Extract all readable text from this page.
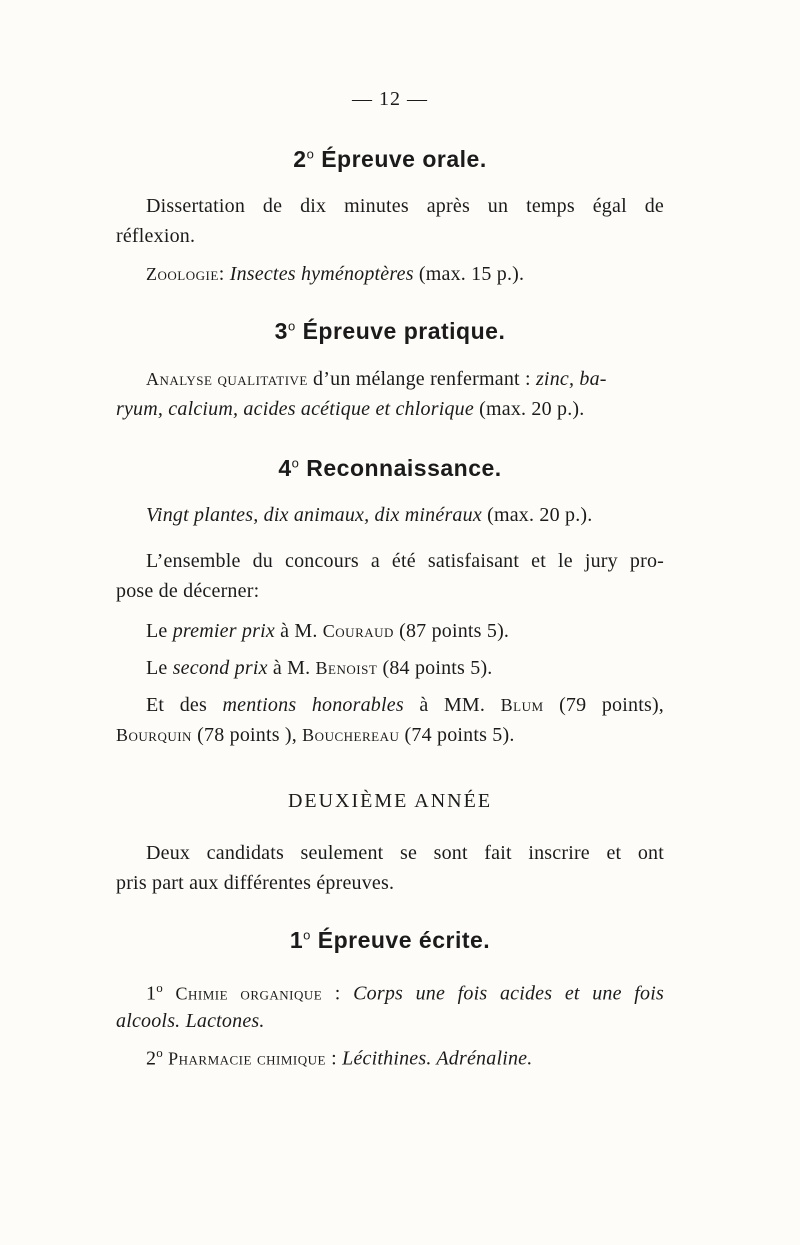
— 12 —
2$^o$ Épreuve orale.
Dissertation de dix minutes après un temps égal de
réflexion.
Zoologie: Insectes hyménoptères (max. 15 p.).
3$^o$ Épreuve pratique.
Analyse qualitative d’un mélange renfermant : zinc, ba-
ryum, calcium, acides acétique et chlorique (max. 20 p.).
4$^o$ Reconnaissance.
Vingt plantes, dix animaux, dix minéraux (max. 20 p.).
L’ensemble du concours a été satisfaisant et le jury pro-
pose de décerner:
Le premier prix à M. Couraud (87 points 5).
Le second prix à M. Benoist (84 points 5).
Et des mentions honorables à MM. Blum (79 points),
Bourquin (78 points ), Bouchereau (74 points 5).
DEUXIÈME ANNÉE
Deux candidats seulement se sont fait inscrire et ont
pris part aux différentes épreuves.
1$^o$ Épreuve écrite.
1$^o$ Chimie organique : Corps une fois acides et une fois
alcools. Lactones.
2$^o$ Pharmacie chimique : Lécithines. Adrénaline.
